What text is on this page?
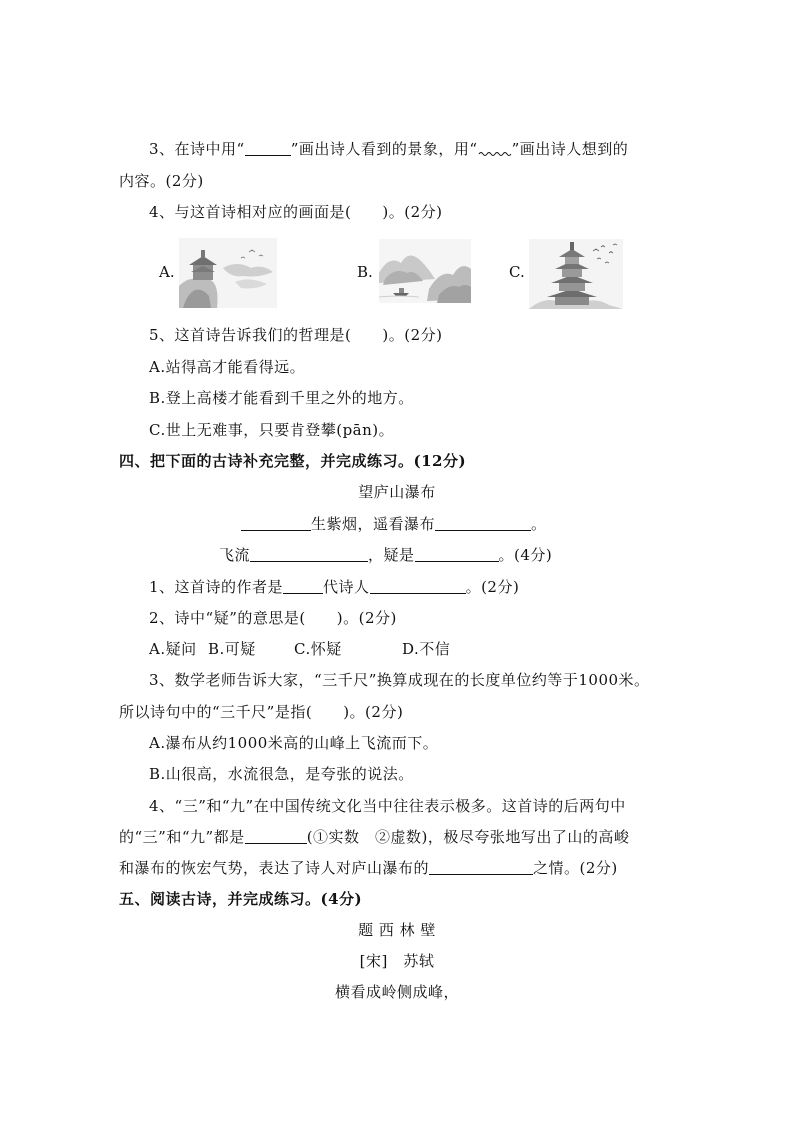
3、在诗中用“	”画出诗人看到的景象，用“ ”画出诗人想到的
内容。(2分)
4、与这首诗相对应的画面是(　　)。(2分)
A.	B.	C.
5、这首诗告诉我们的哲理是(　　)。(2分)
A.站得高才能看得远。
B.登上高楼才能看到千里之外的地方。
C.世上无难事，只要肯登攀(pān)。
四、把下面的古诗补充完整，并完成练习。(12分)
望庐山瀑布
生紫烟，遥看瀑布	。
飞流	，疑是	。(4分)
1、这首诗的作者是	代诗人	。(2分)
2、诗中“疑”的意思是(　　)。(2分)
A.疑问 B.可疑	C.怀疑	D.不信
3、数学老师告诉大家，“三千尺”换算成现在的长度单位约等于1000米。
所以诗句中的“三千尺”是指(　　)。(2分)
A.瀑布从约1000米高的山峰上飞流而下。
B.山很高，水流很急，是夸张的说法。
4、“三”和“九”在中国传统文化当中往往表示极多。这首诗的后两句中
的“三”和“九”都是	(①实数　②虚数)，极尽夸张地写出了山的高峻
和瀑布的恢宏气势，表达了诗人对庐山瀑布的	之情。(2分)
五、阅读古诗，并完成练习。(4分)
题 西 林 壁
[宋]　苏轼
横看成岭侧成峰，
